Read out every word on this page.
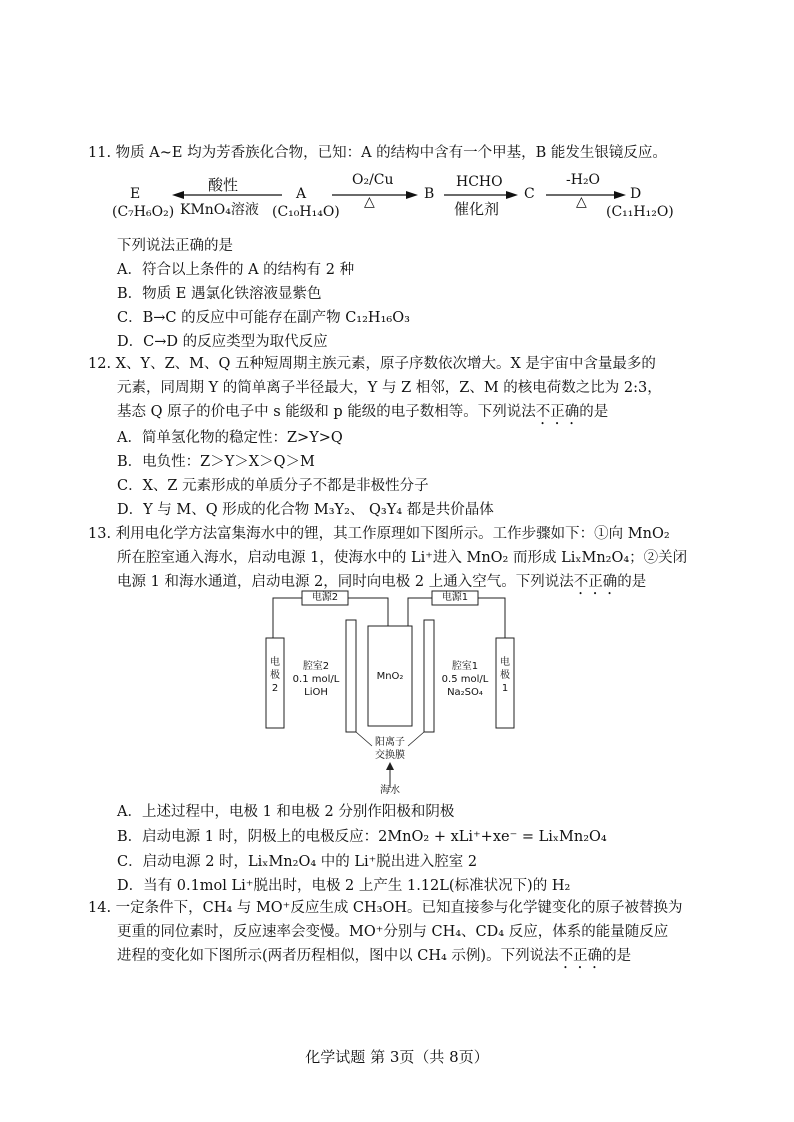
11. 物质 A~E 均为芳香族化合物，已知：A 的结构中含有一个甲基，B 能发生银镜反应。
E
(C₇H₆O₂)
酸性
KMnO₄溶液
A
(C₁₀H₁₄O)
O₂/Cu
△	B
HCHO
催化剂
C
-H₂O
△	D
(C₁₁H₁₂O)
下列说法正确的是
A．符合以上条件的 A 的结构有 2 种
B．物质 E 遇氯化铁溶液显紫色
C．B→C 的反应中可能存在副产物 C₁₂H₁₆O₃
D．C→D 的反应类型为取代反应
12. X、Y、Z、M、Q 五种短周期主族元素，原子序数依次增大。X 是宇宙中含量最多的
元素，同周期 Y 的简单离子半径最大，Y 与 Z 相邻，Z、M 的核电荷数之比为 2:3，
基态 Q 原子的价电子中 s 能级和 p 能级的电子数相等。下列说法不正确的是
A．简单氢化物的稳定性：Z>Y>Q
B．电负性：Z＞Y＞X＞Q＞M
C．X、Z 元素形成的单质分子不都是非极性分子
D．Y 与 M、Q 形成的化合物 M₃Y₂、 Q₃Y₄ 都是共价晶体
13. 利用电化学方法富集海水中的锂，其工作原理如下图所示。工作步骤如下：①向 MnO₂
所在腔室通入海水，启动电源 1，使海水中的 Li⁺进入 MnO₂ 而形成 LiₓMn₂O₄；②关闭
电源 1 和海水通道，启动电源 2，同时向电极 2 上通入空气。下列说法不正确的是
电源2	电源1
电
极
2
电
极
1
腔室2
0.1 mol/L
LiOH
腔室1
0.5 mol/L
Na₂SO₄
MnO₂
阳离子
交换膜
海水
A．上述过程中，电极 1 和电极 2 分别作阳极和阴极
B．启动电源 1 时，阴极上的电极反应：2MnO₂ + xLi⁺+xe⁻ = LiₓMn₂O₄
C．启动电源 2 时，LiₓMn₂O₄ 中的 Li⁺脱出进入腔室 2
D．当有 0.1mol Li⁺脱出时，电极 2 上产生 1.12L(标准状况下)的 H₂
14. 一定条件下，CH₄ 与 MO⁺反应生成 CH₃OH。已知直接参与化学键变化的原子被替换为
更重的同位素时，反应速率会变慢。MO⁺分别与 CH₄、CD₄ 反应，体系的能量随反应
进程的变化如下图所示(两者历程相似，图中以 CH₄ 示例)。下列说法不正确的是
化学试题 第 3页（共 8页）
